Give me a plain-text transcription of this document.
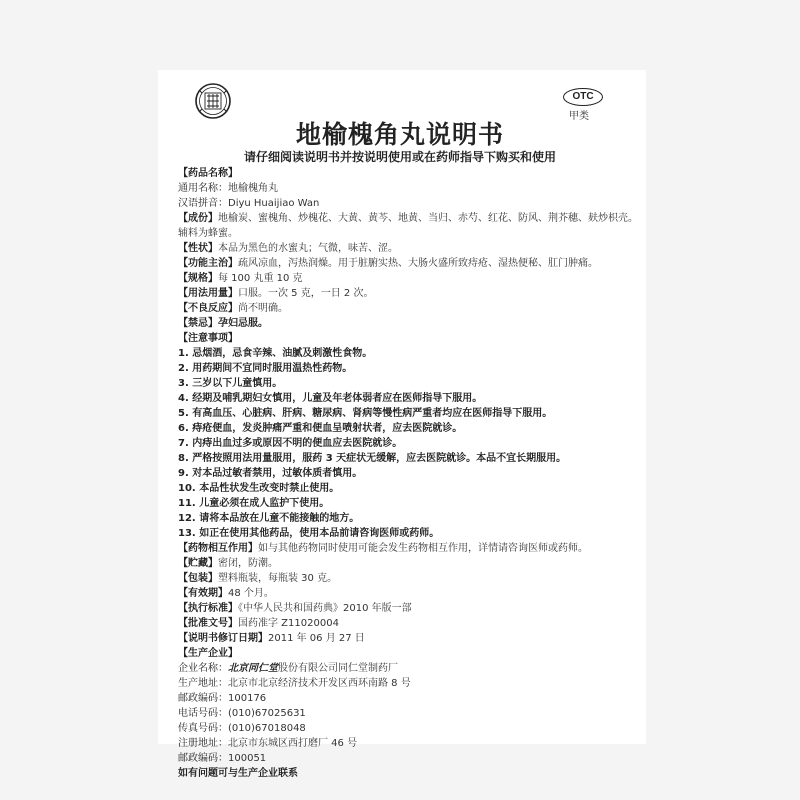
OTC
甲类
地榆槐角丸说明书
请仔细阅读说明书并按说明使用或在药师指导下购买和使用
【药品名称】
通用名称：地榆槐角丸
汉语拼音：Diyu Huaijiao Wan
【成份】地榆炭、蜜槐角、炒槐花、大黄、黄芩、地黄、当归、赤芍、红花、防风、荆芥穗、麸炒枳壳。辅料为蜂蜜。
【性状】本品为黑色的水蜜丸；气微，味苦、涩。
【功能主治】疏风凉血，泻热润燥。用于脏腑实热、大肠火盛所致痔疮、湿热便秘、肛门肿痛。
【规格】每 100 丸重 10 克
【用法用量】口服。一次 5 克，一日 2 次。
【不良反应】尚不明确。
【禁忌】孕妇忌服。
【注意事项】
1. 忌烟酒，忌食辛辣、油腻及刺激性食物。
2. 用药期间不宜同时服用温热性药物。
3. 三岁以下儿童慎用。
4. 经期及哺乳期妇女慎用，儿童及年老体弱者应在医师指导下服用。
5. 有高血压、心脏病、肝病、糖尿病、肾病等慢性病严重者均应在医师指导下服用。
6. 痔疮便血，发炎肿痛严重和便血呈喷射状者，应去医院就诊。
7. 内痔出血过多或原因不明的便血应去医院就诊。
8. 严格按照用法用量服用，服药 3 天症状无缓解，应去医院就诊。本品不宜长期服用。
9. 对本品过敏者禁用，过敏体质者慎用。
10. 本品性状发生改变时禁止使用。
11. 儿童必须在成人监护下使用。
12. 请将本品放在儿童不能接触的地方。
13. 如正在使用其他药品，使用本品前请咨询医师或药师。
【药物相互作用】如与其他药物同时使用可能会发生药物相互作用，详情请咨询医师或药师。
【贮藏】密闭，防潮。
【包装】塑料瓶装，每瓶装 30 克。
【有效期】48 个月。
【执行标准】《中华人民共和国药典》2010 年版一部
【批准文号】国药准字 Z11020004
【说明书修订日期】2011 年 06 月 27 日
【生产企业】
企业名称：北京同仁堂股份有限公司同仁堂制药厂
生产地址：北京市北京经济技术开发区西环南路 8 号
邮政编码：100176
电话号码：(010)67025631
传真号码：(010)67018048
注册地址：北京市东城区西打磨厂 46 号
邮政编码：100051
如有问题可与生产企业联系
